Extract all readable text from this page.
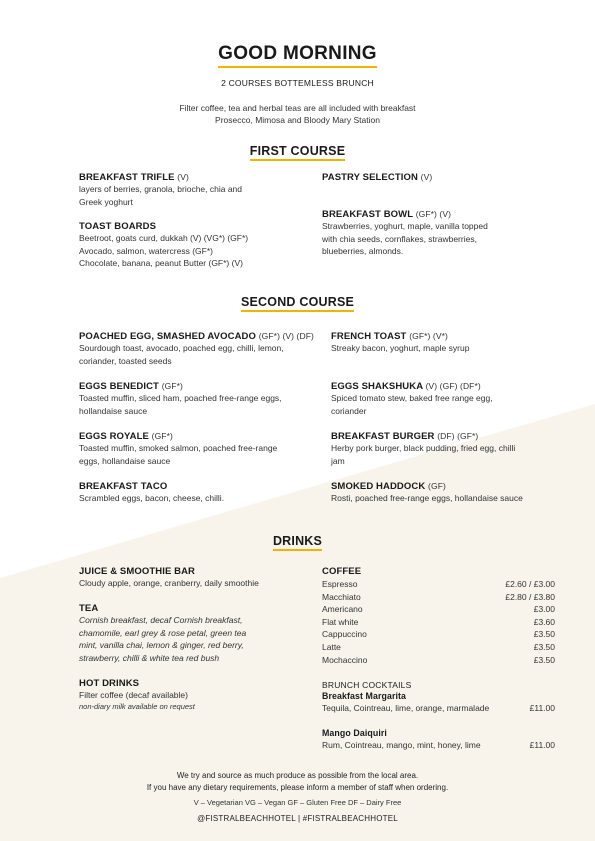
GOOD MORNING
2 COURSES BOTTEMLESS BRUNCH
Filter coffee, tea and herbal teas are all included with breakfast
Prosecco, Mimosa and Bloody Mary Station
FIRST COURSE
BREAKFAST TRIFLE (V)
layers of berries, granola, brioche, chia and
Greek yoghurt
TOAST BOARDS
Beetroot, goats curd, dukkah (V) (VG*) (GF*)
Avocado, salmon, watercress (GF*)
Chocolate, banana, peanut Butter (GF*) (V)
PASTRY SELECTION (V)
BREAKFAST BOWL (GF*) (V)
Strawberries, yoghurt, maple, vanilla topped
with chia seeds, cornflakes, strawberries,
blueberries, almonds.
SECOND COURSE
POACHED EGG, SMASHED AVOCADO (GF*) (V) (DF)
Sourdough toast, avocado, poached egg, chilli, lemon,
coriander, toasted seeds
EGGS BENEDICT (GF*)
Toasted muffin, sliced ham, poached free-range eggs,
hollandaise sauce
EGGS ROYALE (GF*)
Toasted muffin, smoked salmon, poached free-range
eggs, hollandaise sauce
BREAKFAST TACO
Scrambled eggs, bacon, cheese, chilli.
FRENCH TOAST (GF*) (V*)
Streaky bacon, yoghurt, maple syrup
EGGS SHAKSHUKA (V) (GF) (DF*)
Spiced tomato stew, baked free range egg,
coriander
BREAKFAST BURGER (DF) (GF*)
Herby pork burger, black pudding, fried egg, chilli
jam
SMOKED HADDOCK (GF)
Rosti, poached free-range eggs, hollandaise sauce
DRINKS
JUICE & SMOOTHIE BAR
Cloudy apple, orange, cranberry, daily smoothie
TEA
Cornish breakfast, decaf Cornish breakfast,
chamomile, earl grey & rose petal, green tea
mint, vanilla chai, lemon & ginger, red berry,
strawberry, chilli & white tea red bush
HOT DRINKS
Filter coffee (decaf available)
non-diary milk available on request
COFFEE
Espresso	£2.60 / £3.00
Macchiato	£2.80 / £3.80
Americano	£3.00
Flat white	£3.60
Cappuccino	£3.50
Latte	£3.50
Mochaccino	£3.50
BRUNCH COCKTAILS
Breakfast Margarita
Tequila, Cointreau, lime, orange, marmalade	£11.00
Mango Daiquiri
Rum, Cointreau, mango, mint, honey, lime	£11.00
We try and source as much produce as possible from the local area.
If you have any dietary requirements, please inform a member of staff when ordering.
V – Vegetarian VG – Vegan GF – Gluten Free DF – Dairy Free
@FISTRALBEACHHOTEL | #FISTRALBEACHHOTEL
